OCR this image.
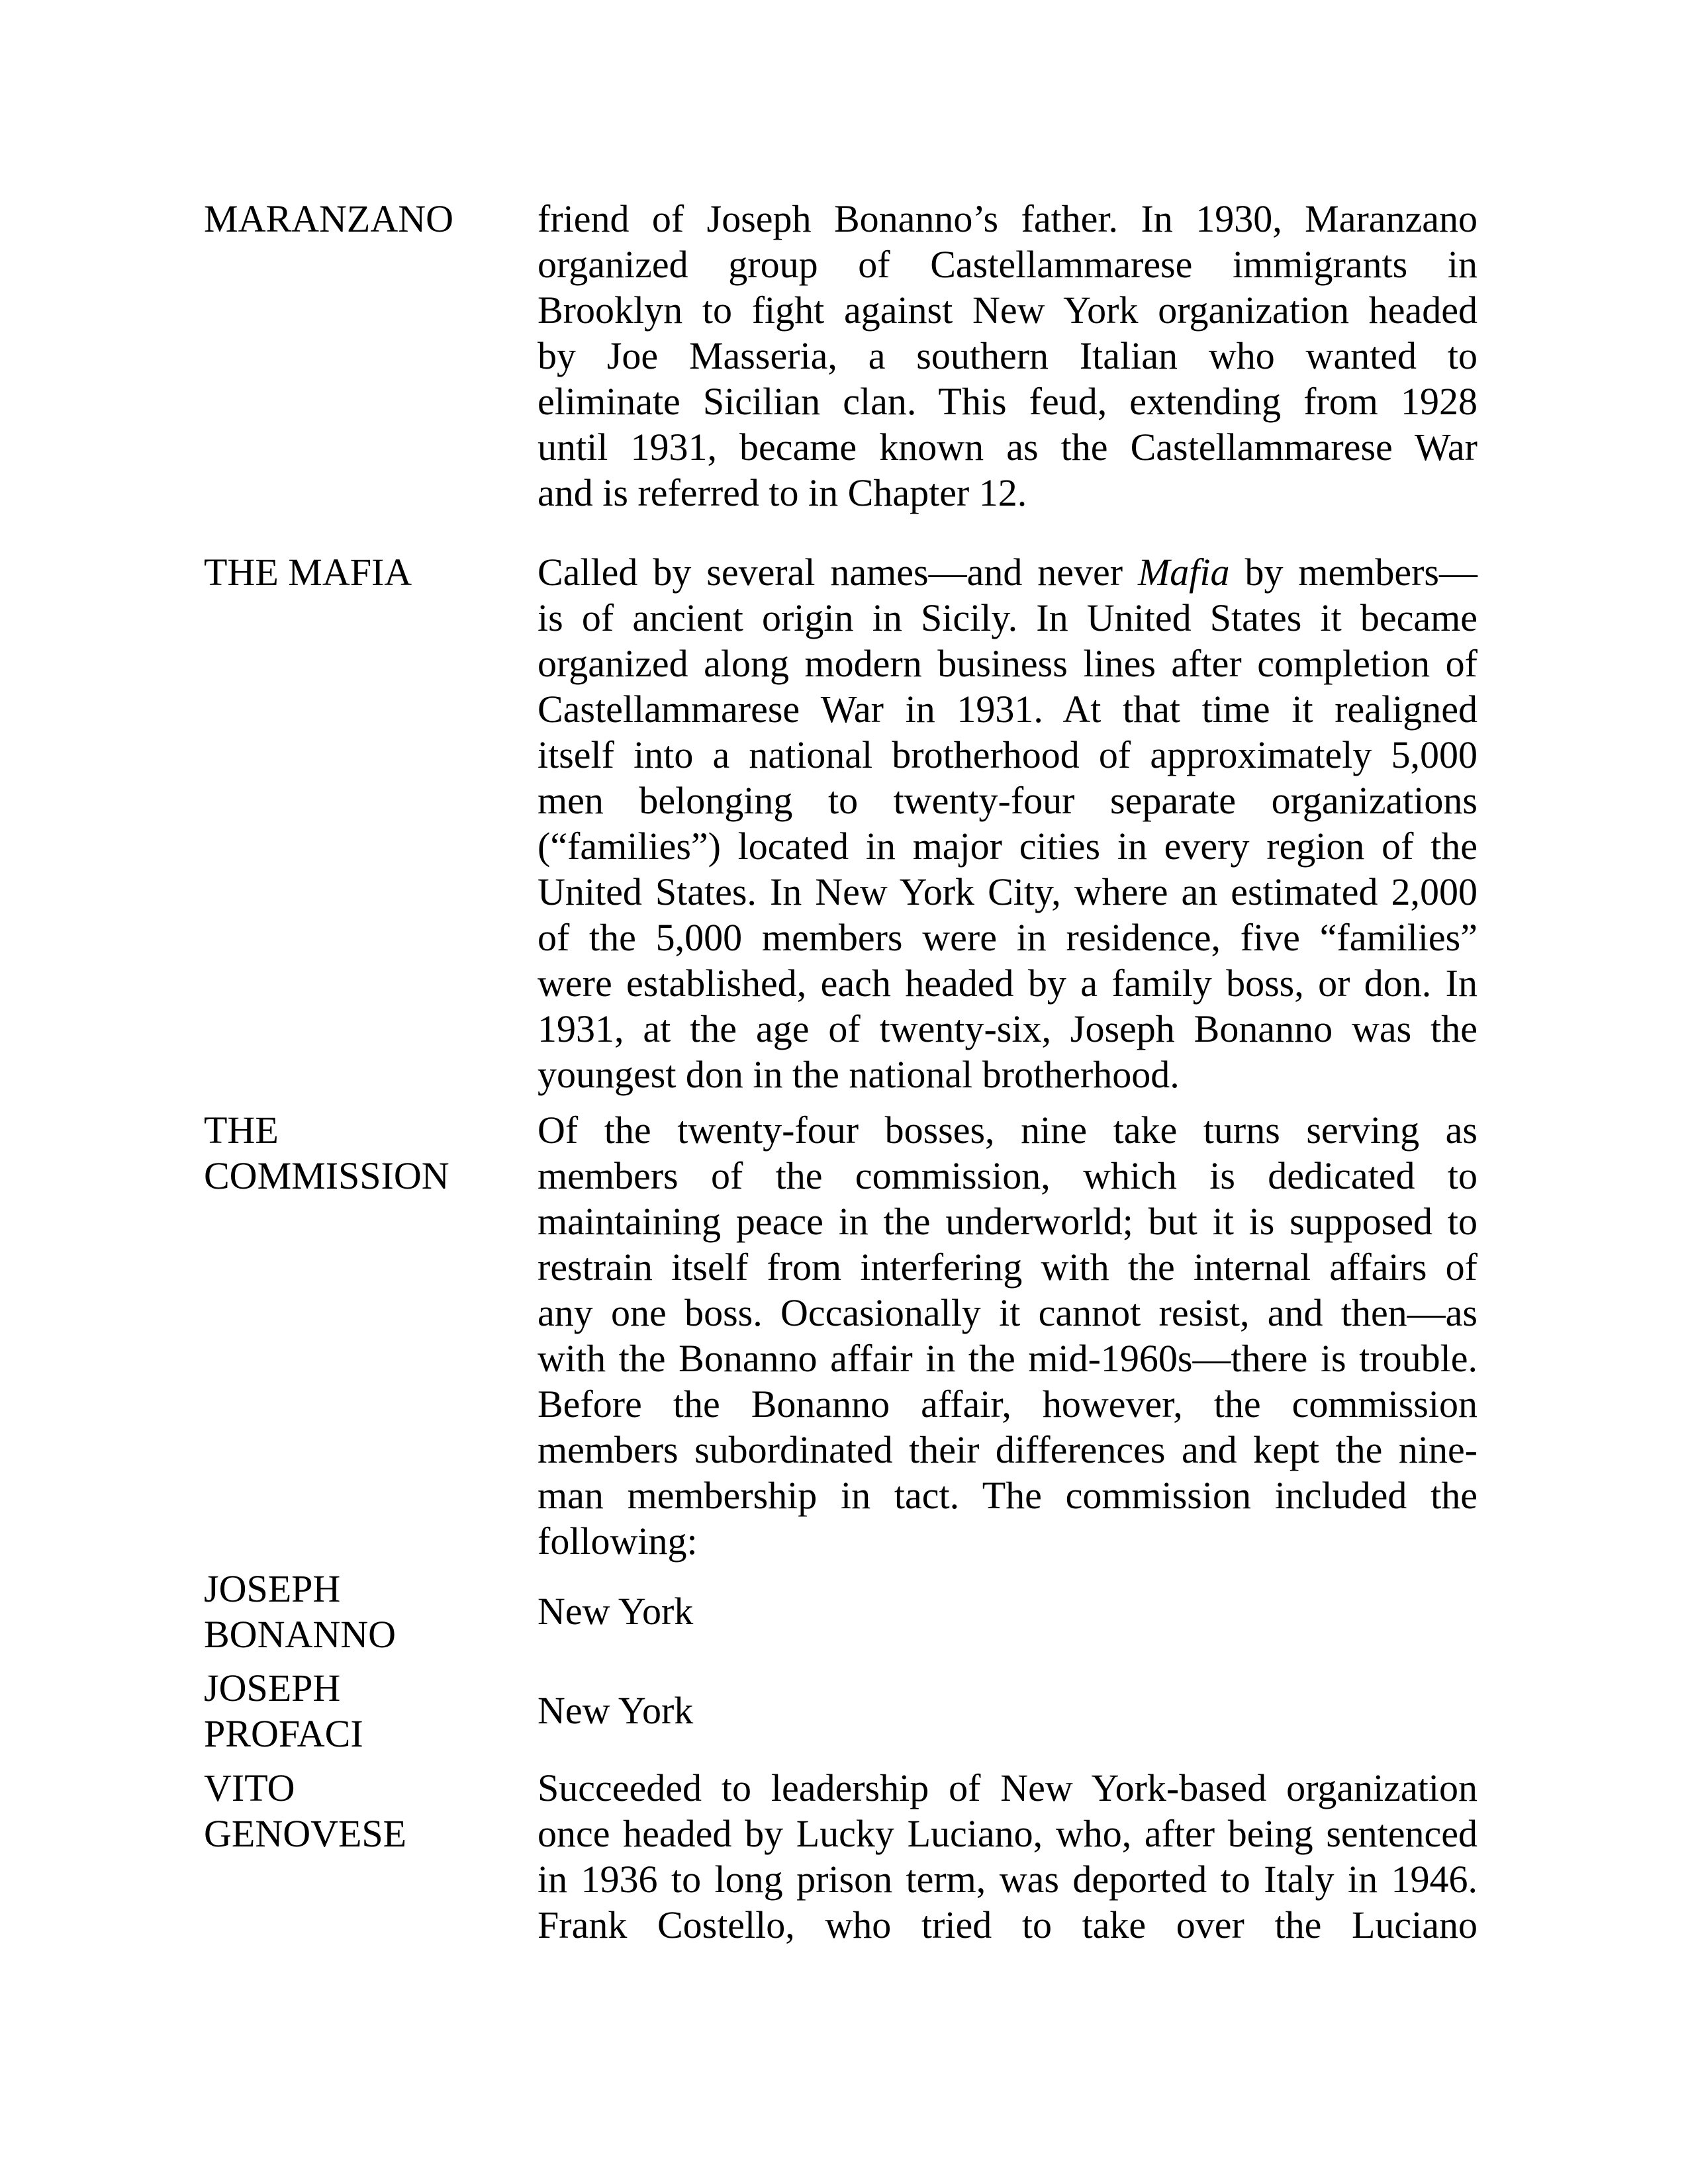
MARANZANO	friend of Joseph Bonanno’s father. In 1930, Maranzano
organized group of Castellammarese immigrants in
Brooklyn to fight against New York organization headed
by Joe Masseria, a southern Italian who wanted to
eliminate Sicilian clan. This feud, extending from 1928
until 1931, became known as the Castellammarese War
and is referred to in Chapter 12.
THE MAFIA	Called by several names—and never Mafia by members—
is of ancient origin in Sicily. In United States it became
organized along modern business lines after completion of
Castellammarese War in 1931. At that time it realigned
itself into a national brotherhood of approximately 5,000
men belonging to twenty-four separate organizations
(“families”) located in major cities in every region of the
United States. In New York City, where an estimated 2,000
of the 5,000 members were in residence, five “families”
were established, each headed by a family boss, or don. In
1931, at the age of twenty-six, Joseph Bonanno was the
youngest don in the national brotherhood.
THE
COMMISSION
Of the twenty-four bosses, nine take turns serving as
members of the commission, which is dedicated to
maintaining peace in the underworld; but it is supposed to
restrain itself from interfering with the internal affairs of
any one boss. Occasionally it cannot resist, and then—as
with the Bonanno affair in the mid-1960s—there is trouble.
Before the Bonanno affair, however, the commission
members subordinated their differences and kept the nine-
man membership in tact. The commission included the
following:
JOSEPH
BONANNO
New York
JOSEPH
PROFACI
New York
VITO
GENOVESE
Succeeded to leadership of New York-based organization
once headed by Lucky Luciano, who, after being sentenced
in 1936 to long prison term, was deported to Italy in 1946.
Frank Costello, who tried to take over the Luciano
